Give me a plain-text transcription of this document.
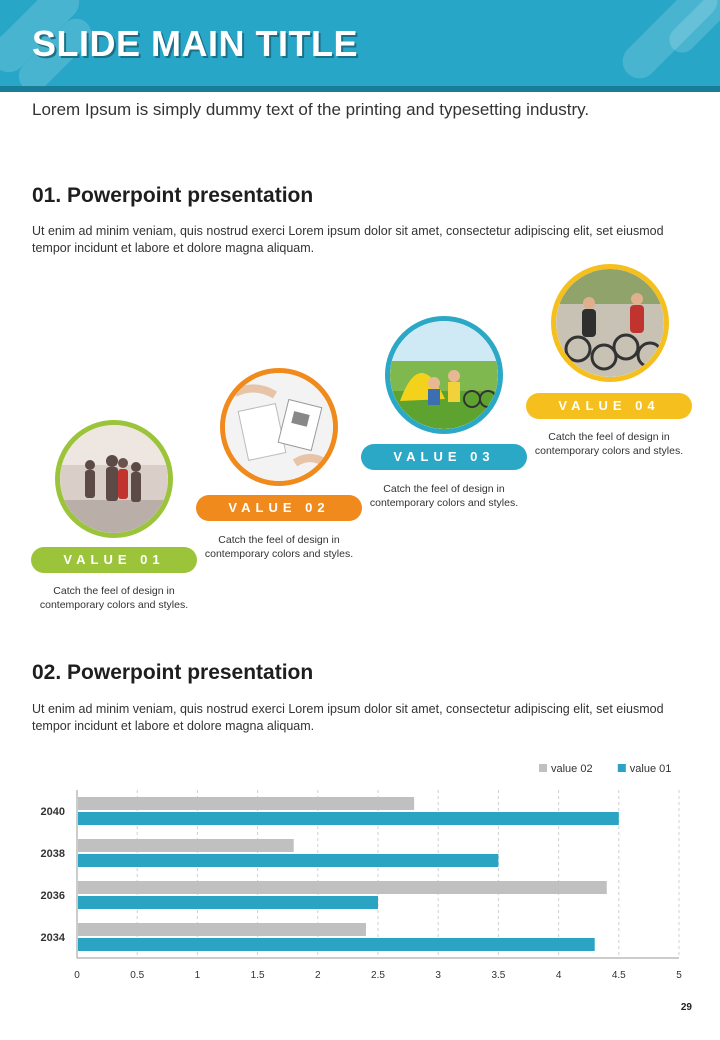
SLIDE MAIN TITLE
Lorem Ipsum is simply dummy text of the printing and typesetting industry.
01. Powerpoint presentation
Ut enim ad minim veniam, quis nostrud exerci Lorem ipsum dolor sit amet, consectetur adipiscing elit, set eiusmod tempor incidunt et labore et dolore magna aliquam.
VALUE 01
Catch the feel of design in contemporary colors and styles.
VALUE 02
Catch the feel of design in contemporary colors and styles.
VALUE 03
Catch the feel of design in contemporary colors and styles.
VALUE 04
Catch the feel of design in contemporary colors and styles.
02. Powerpoint presentation
Ut enim ad minim veniam, quis nostrud exerci Lorem ipsum dolor sit amet, consectetur adipiscing elit, set eiusmod tempor incidunt et labore et dolore magna aliquam.
0	0.5	1	1.5	2	2.5	3	3.5	4	4.5	5
2040
2038
2036
2034
value 02	value 01
29
